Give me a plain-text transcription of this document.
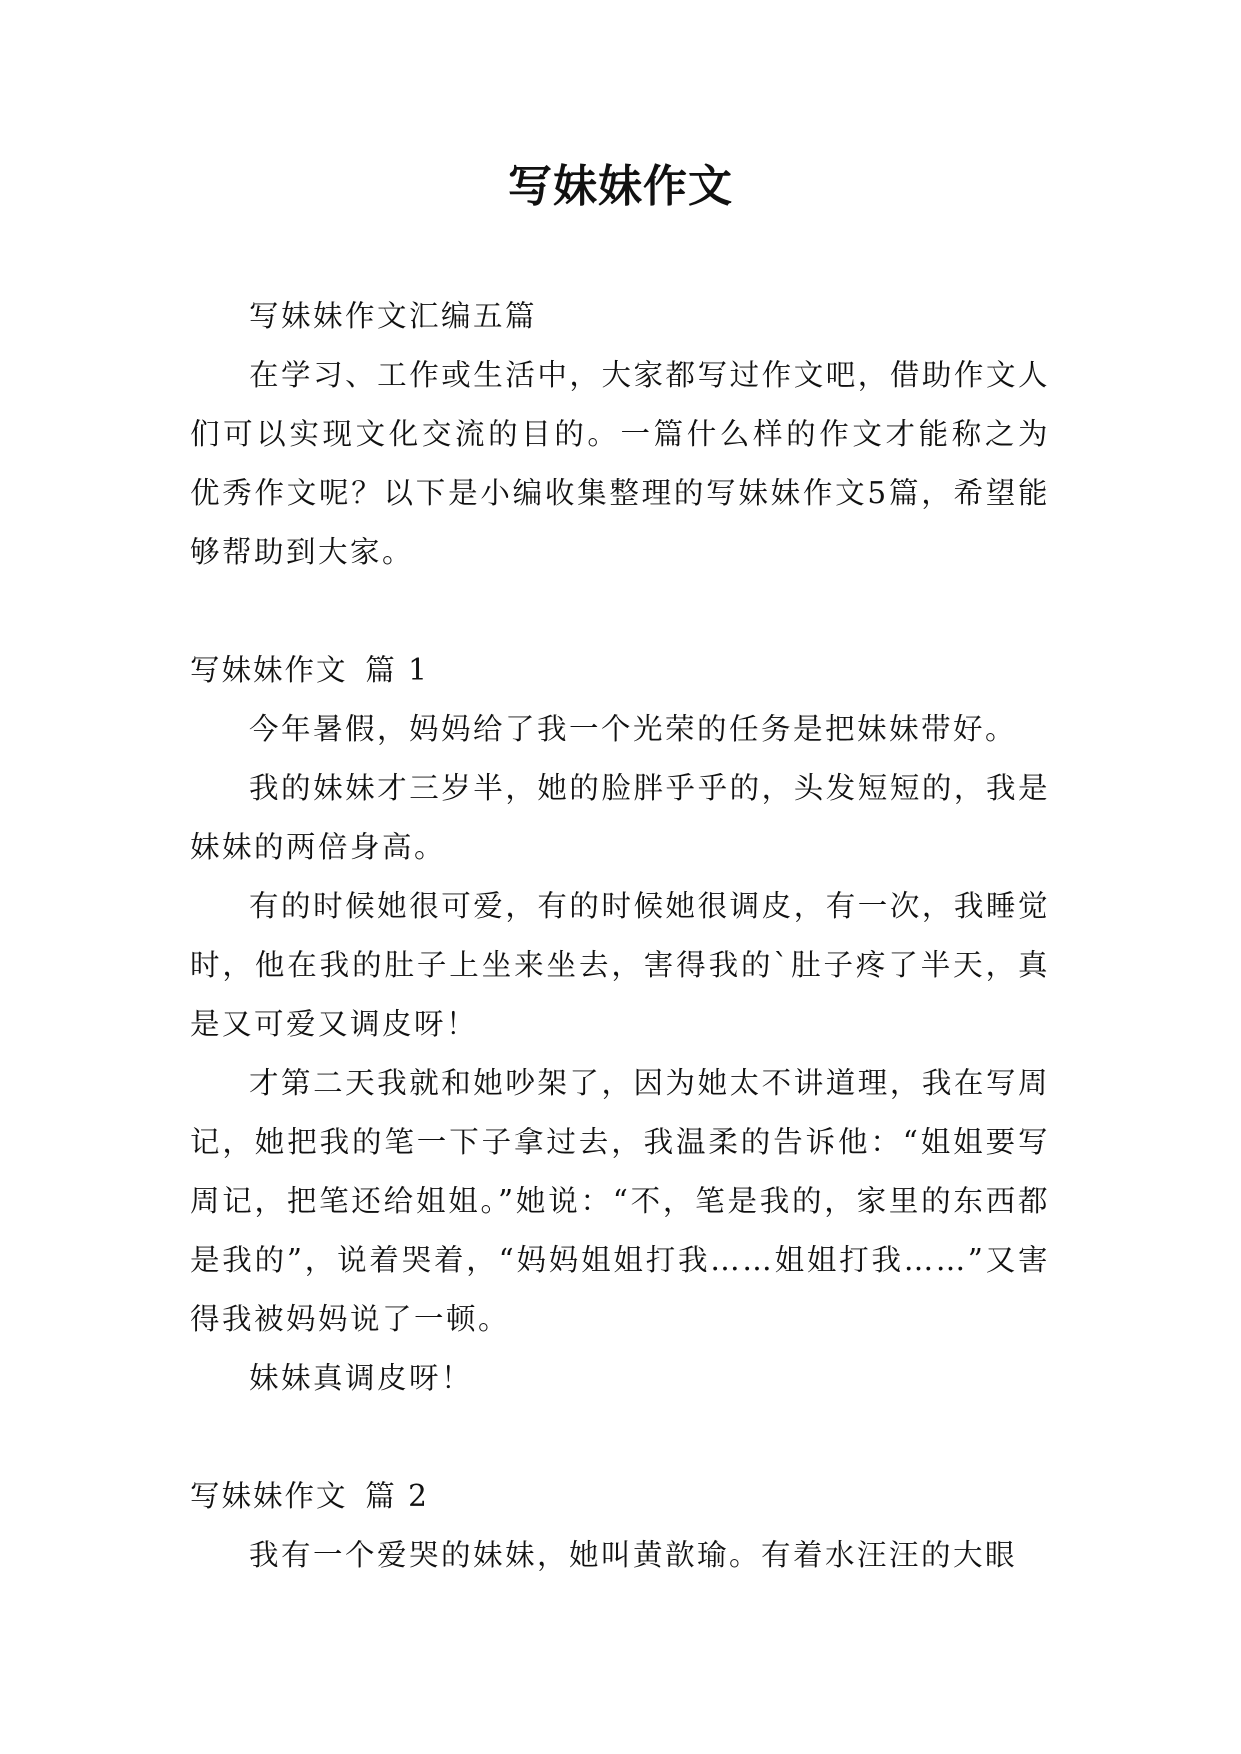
写妹妹作文

写妹妹作文汇编五篇

在学习、工作或生活中，大家都写过作文吧，借助作文人们可以实现文化交流的目的。一篇什么样的作文才能称之为优秀作文呢？以下是小编收集整理的写妹妹作文5篇，希望能够帮助到大家。

写妹妹作文 篇 1

今年暑假，妈妈给了我一个光荣的任务是把妹妹带好。

我的妹妹才三岁半，她的脸胖乎乎的，头发短短的，我是妹妹的两倍身高。

有的时候她很可爱，有的时候她很调皮，有一次，我睡觉时，他在我的肚子上坐来坐去，害得我的`肚子疼了半天，真是又可爱又调皮呀！

才第二天我就和她吵架了，因为她太不讲道理，我在写周记，她把我的笔一下子拿过去，我温柔的告诉他：“姐姐要写周记，把笔还给姐姐。”她说：“不，笔是我的，家里的东西都是我的”，说着哭着，“妈妈姐姐打我……姐姐打我……”又害得我被妈妈说了一顿。

妹妹真调皮呀！

写妹妹作文 篇 2

我有一个爱哭的妹妹，她叫黄歆瑜。有着水汪汪的大眼
